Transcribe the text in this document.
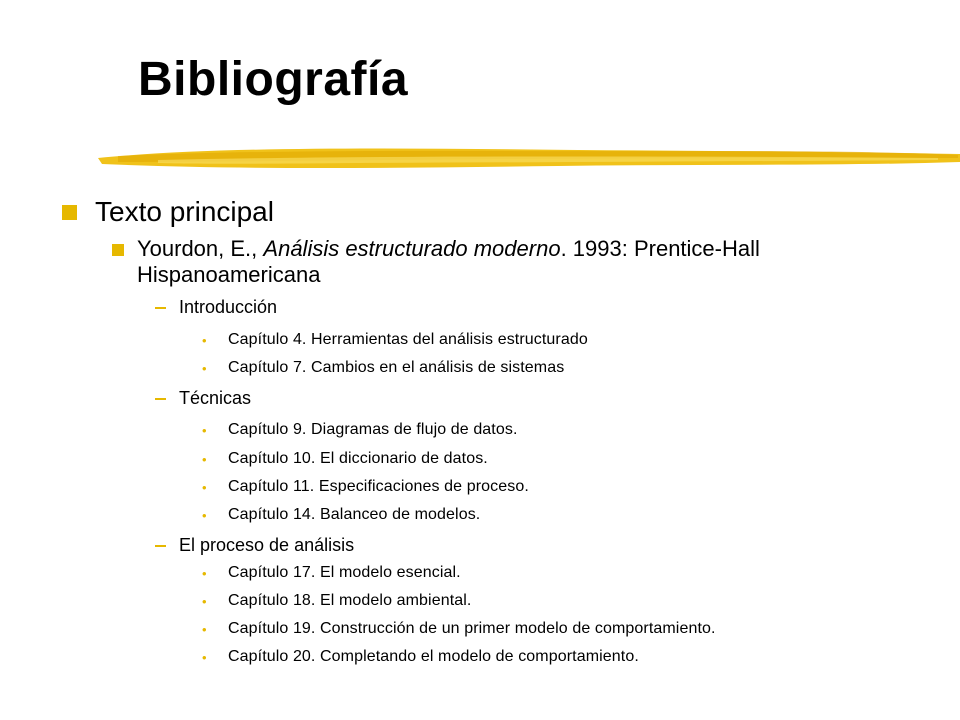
Bibliografía
Texto principal
Yourdon, E., Análisis estructurado moderno. 1993: Prentice-Hall Hispanoamericana
Introducción
•	Capítulo 4. Herramientas del análisis estructurado
•	Capítulo 7. Cambios en el análisis de sistemas
Técnicas
•	Capítulo 9. Diagramas de flujo de datos.
•	Capítulo 10. El diccionario de datos.
•	Capítulo 11. Especificaciones de proceso.
•	Capítulo 14. Balanceo de modelos.
El proceso de análisis
•	Capítulo 17. El modelo esencial.
•	Capítulo 18. El modelo ambiental.
•	Capítulo 19. Construcción de un primer modelo de comportamiento.
•	Capítulo 20. Completando el modelo de comportamiento.
